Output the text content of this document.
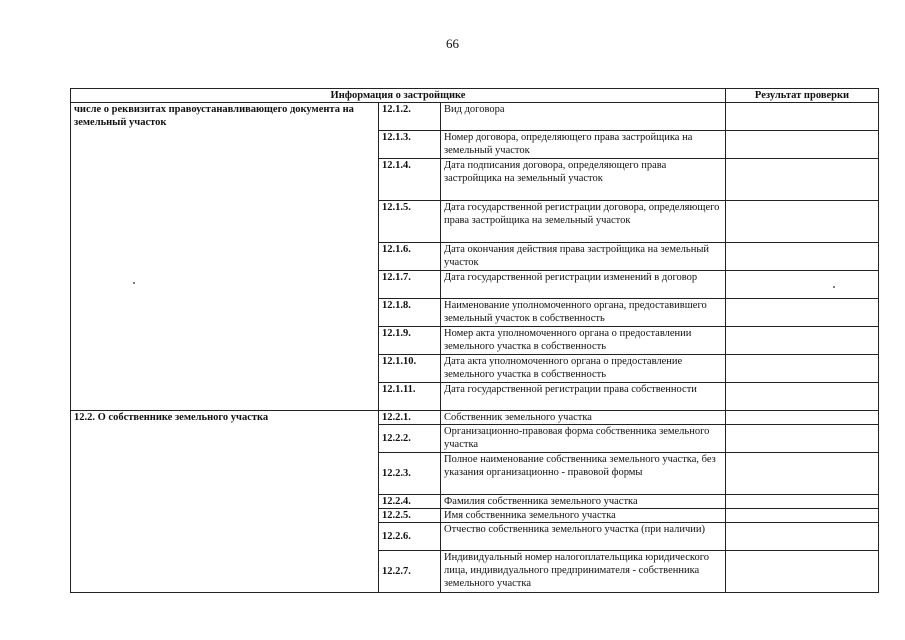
66
Информация о застройщике			Результат проверки
числе о реквизитах правоустанавливающего документа на земельный участок	12.1.2.	Вид договора	
	12.1.3.	Номер договора, определяющего права застройщика на земельный участок	
	12.1.4.	Дата подписания договора, определяющего права застройщика на земельный участок	
	12.1.5.	Дата государственной регистрации договора, определяющего права застройщика на земельный участок	
	12.1.6.	Дата окончания действия права застройщика на земельный участок	
	12.1.7.	Дата государственной регистрации изменений в договор	
	12.1.8.	Наименование уполномоченного органа, предоставившего земельный участок в собственность	
	12.1.9.	Номер акта уполномоченного органа о предоставлении земельного участка в собственность	
	12.1.10.	Дата акта уполномоченного органа о предоставление земельного участка в собственность	
	12.1.11.	Дата государственной регистрации права собственности	
12.2. О собственнике земельного участка	12.2.1.	Собственник земельного участка	
	12.2.2.	Организационно-правовая форма собственника земельного участка	
	12.2.3.	Полное наименование собственника земельного участка, без указания организационно - правовой формы	
	12.2.4.	Фамилия собственника земельного участка	
	12.2.5.	Имя собственника земельного участка	
	12.2.6.	Отчество собственника земельного участка (при наличии)	
	12.2.7.	Индивидуальный номер налогоплательщика юридического лица, индивидуального предпринимателя - собственника земельного участка	
